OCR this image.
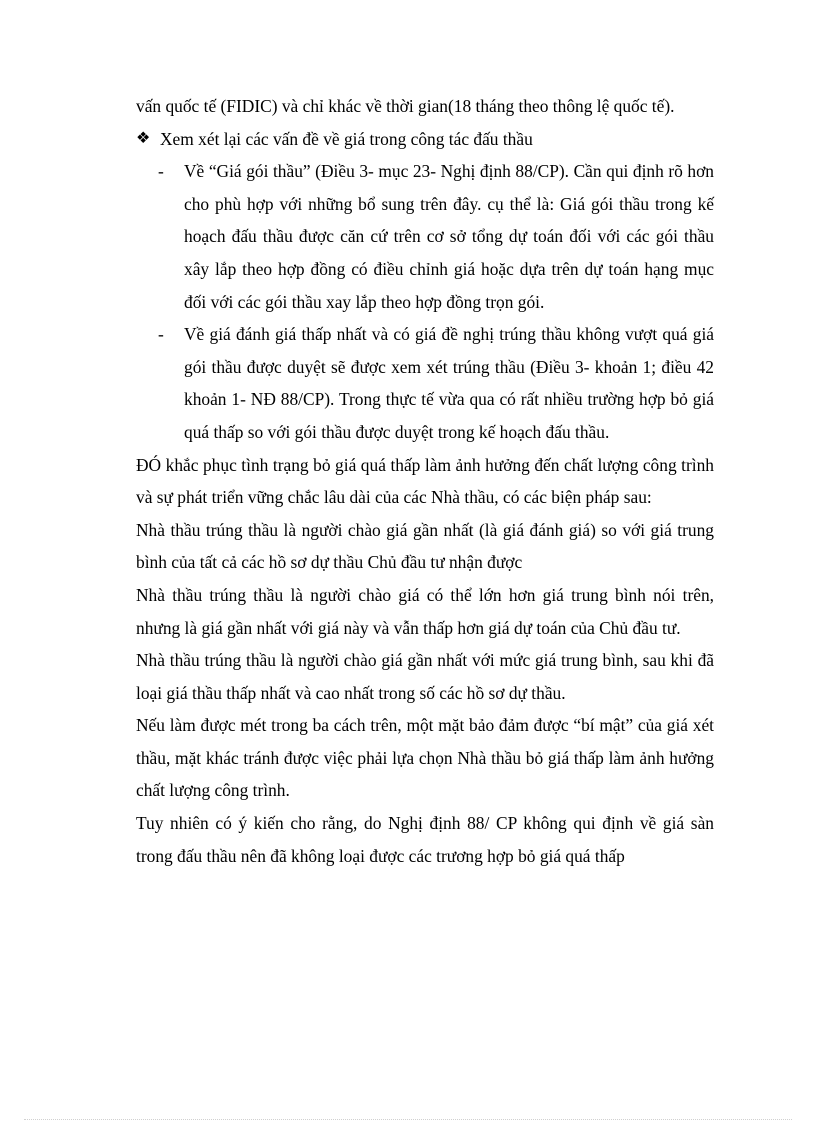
vấn quốc tế (FIDIC) và chỉ khác về thời gian(18 tháng theo thông lệ quốc tế).

❖ Xem xét lại các vấn đề về giá trong công tác đấu thầu

- Về “Giá gói thầu” (Điều 3- mục 23- Nghị định 88/CP). Cần qui định rõ hơn cho phù hợp với những bổ sung trên đây. cụ thể là: Giá gói thầu trong kế hoạch đấu thầu được căn cứ trên cơ sở tổng dự toán đối với các gói thầu xây lắp theo hợp đồng có điều chỉnh giá hoặc dựa trên dự toán hạng mục đối với các gói thầu xay lắp theo hợp đồng trọn gói.

- Về giá đánh giá thấp nhất và có giá đề nghị trúng thầu không vượt quá giá gói thầu được duyệt sẽ được xem xét trúng thầu (Điều 3- khoản 1; điều 42 khoản 1- NĐ 88/CP). Trong thực tế vừa qua có rất nhiều trường hợp bỏ giá quá thấp so với gói thầu được duyệt trong kế hoạch đấu thầu.

ĐÓ khắc phục tình trạng bỏ giá quá thấp làm ảnh hưởng đến chất lượng công trình và sự phát triển vững chắc lâu dài của các Nhà thầu, có các biện pháp sau:

Nhà thầu trúng thầu là người chào giá gần nhất (là giá đánh giá) so với giá trung bình của tất cả các hồ sơ dự thầu Chủ đầu tư nhận được

Nhà thầu trúng thầu là người chào giá có thể lớn hơn giá trung bình nói trên, nhưng là giá gần nhất với giá này và vẫn thấp hơn giá dự toán của Chủ đầu tư.

Nhà thầu trúng thầu là người chào giá gần nhất với mức giá trung bình, sau khi đã loại giá thầu thấp nhất và cao nhất trong số các hồ sơ dự thầu.

Nếu làm được mét trong ba cách trên, một mặt bảo đảm được “bí mật” của giá xét thầu, mặt khác tránh được việc phải lựa chọn Nhà thầu bỏ giá thấp làm ảnh hưởng chất lượng công trình.

Tuy nhiên có ý kiến cho rằng, do Nghị định 88/ CP không qui định về giá sàn trong đấu thầu nên đã không loại được các trương hợp bỏ giá quá thấp
